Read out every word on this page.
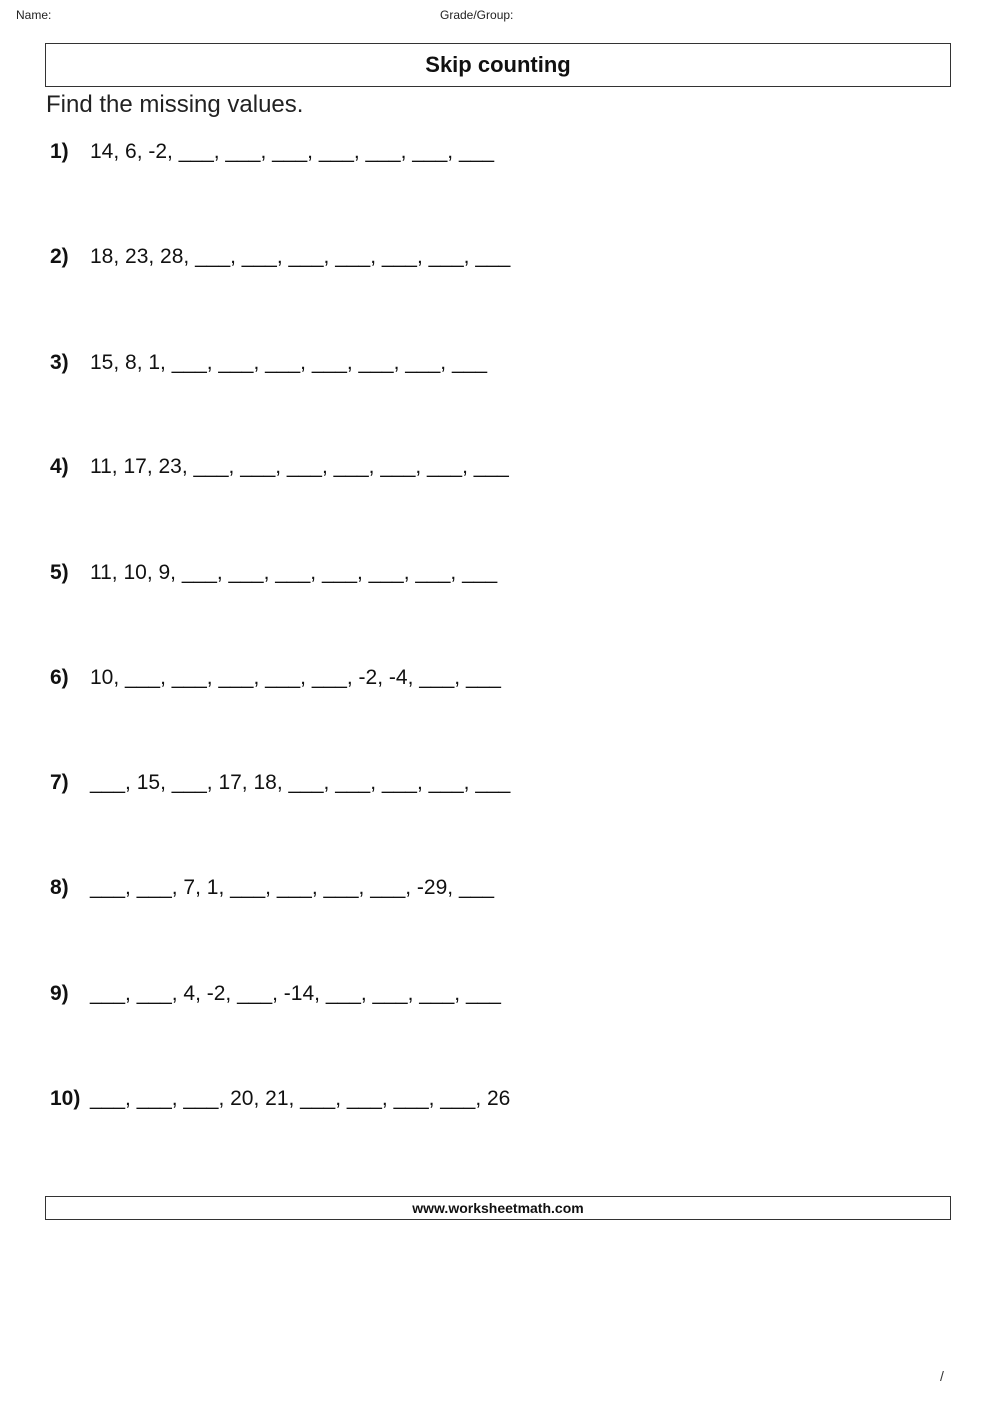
Name:	Grade/Group:
Skip counting
Find the missing values.
1)	14, 6, -2, ___, ___, ___, ___, ___, ___, ___
2)	18, 23, 28, ___, ___, ___, ___, ___, ___, ___
3)	15, 8, 1, ___, ___, ___, ___, ___, ___, ___
4)	11, 17, 23, ___, ___, ___, ___, ___, ___, ___
5)	11, 10, 9, ___, ___, ___, ___, ___, ___, ___
6)	10, ___, ___, ___, ___, ___, -2, -4, ___, ___
7)	___, 15, ___, 17, 18, ___, ___, ___, ___, ___
8)	___, ___, 7, 1, ___, ___, ___, ___, -29, ___
9)	___, ___, 4, -2, ___, -14, ___, ___, ___, ___
10) ___, ___, ___, 20, 21, ___, ___, ___, ___, 26
www.worksheetmath.com
/
